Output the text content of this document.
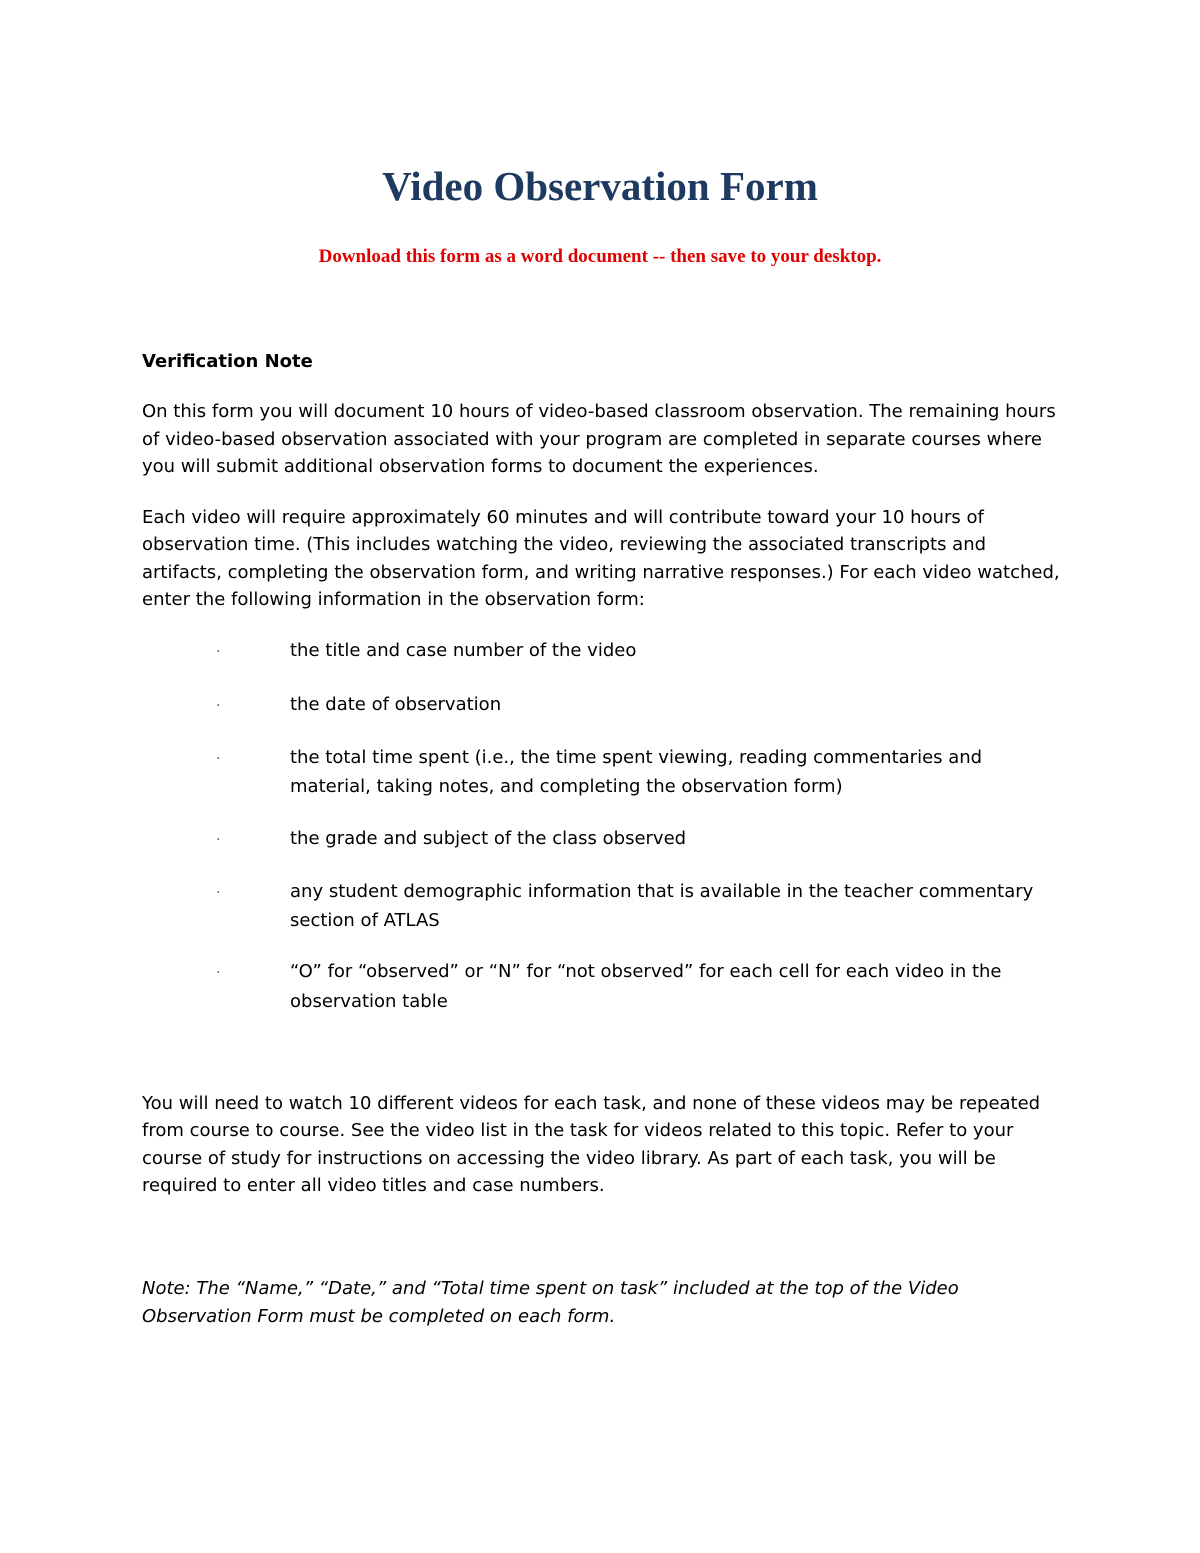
Video Observation Form

Download this form as a word document -- then save to your desktop.

Verification Note

On this form you will document 10 hours of video-based classroom observation. The remaining hours of video-based observation associated with your program are completed in separate courses where you will submit additional observation forms to document the experiences.

Each video will require approximately 60 minutes and will contribute toward your 10 hours of observation time. (This includes watching the video, reviewing the associated transcripts and artifacts, completing the observation form, and writing narrative responses.) For each video watched, enter the following information in the observation form:

·	the title and case number of the video
·	the date of observation
·	the total time spent (i.e., the time spent viewing, reading commentaries and material, taking notes, and completing the observation form)
·	the grade and subject of the class observed
·	any student demographic information that is available in the teacher commentary section of ATLAS
·	“O” for “observed” or “N” for “not observed” for each cell for each video in the observation table

You will need to watch 10 different videos for each task, and none of these videos may be repeated from course to course. See the video list in the task for videos related to this topic. Refer to your course of study for instructions on accessing the video library. As part of each task, you will be required to enter all video titles and case numbers.

Note: The “Name,” “Date,” and “Total time spent on task” included at the top of the Video Observation Form must be completed on each form.
